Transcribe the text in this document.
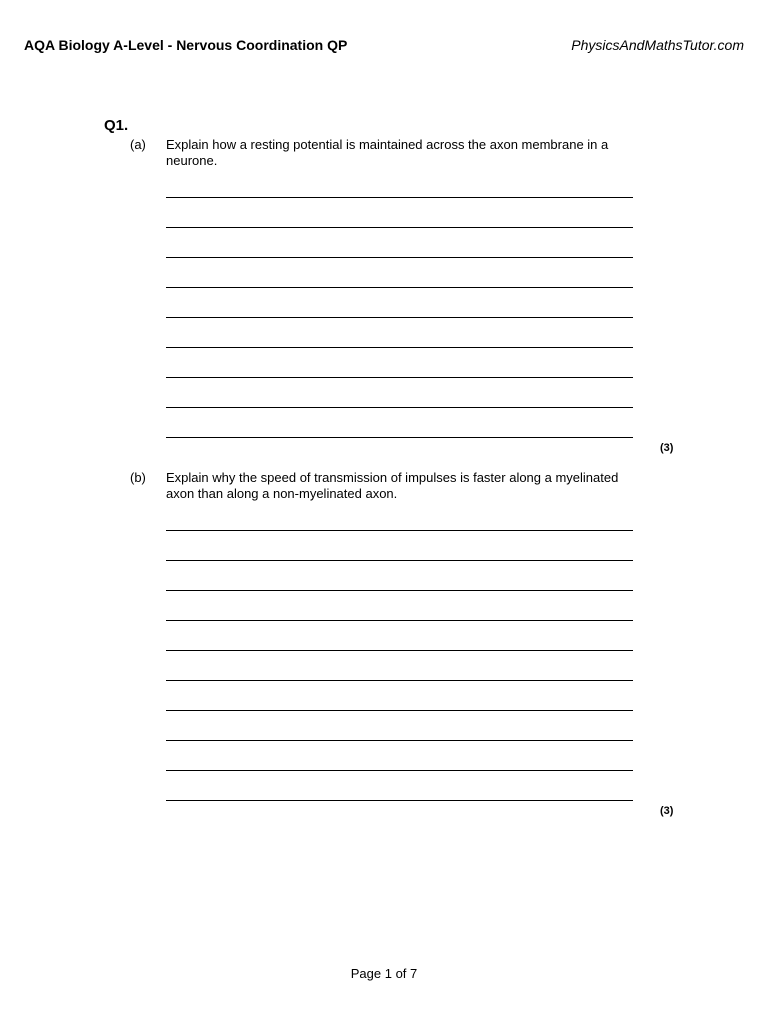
AQA Biology A-Level - Nervous Coordination QP	PhysicsAndMathsTutor.com
Q1.
(a) Explain how a resting potential is maintained across the axon membrane in a neurone.
(3)
(b) Explain why the speed of transmission of impulses is faster along a myelinated axon than along a non-myelinated axon.
(3)
Page 1 of 7
